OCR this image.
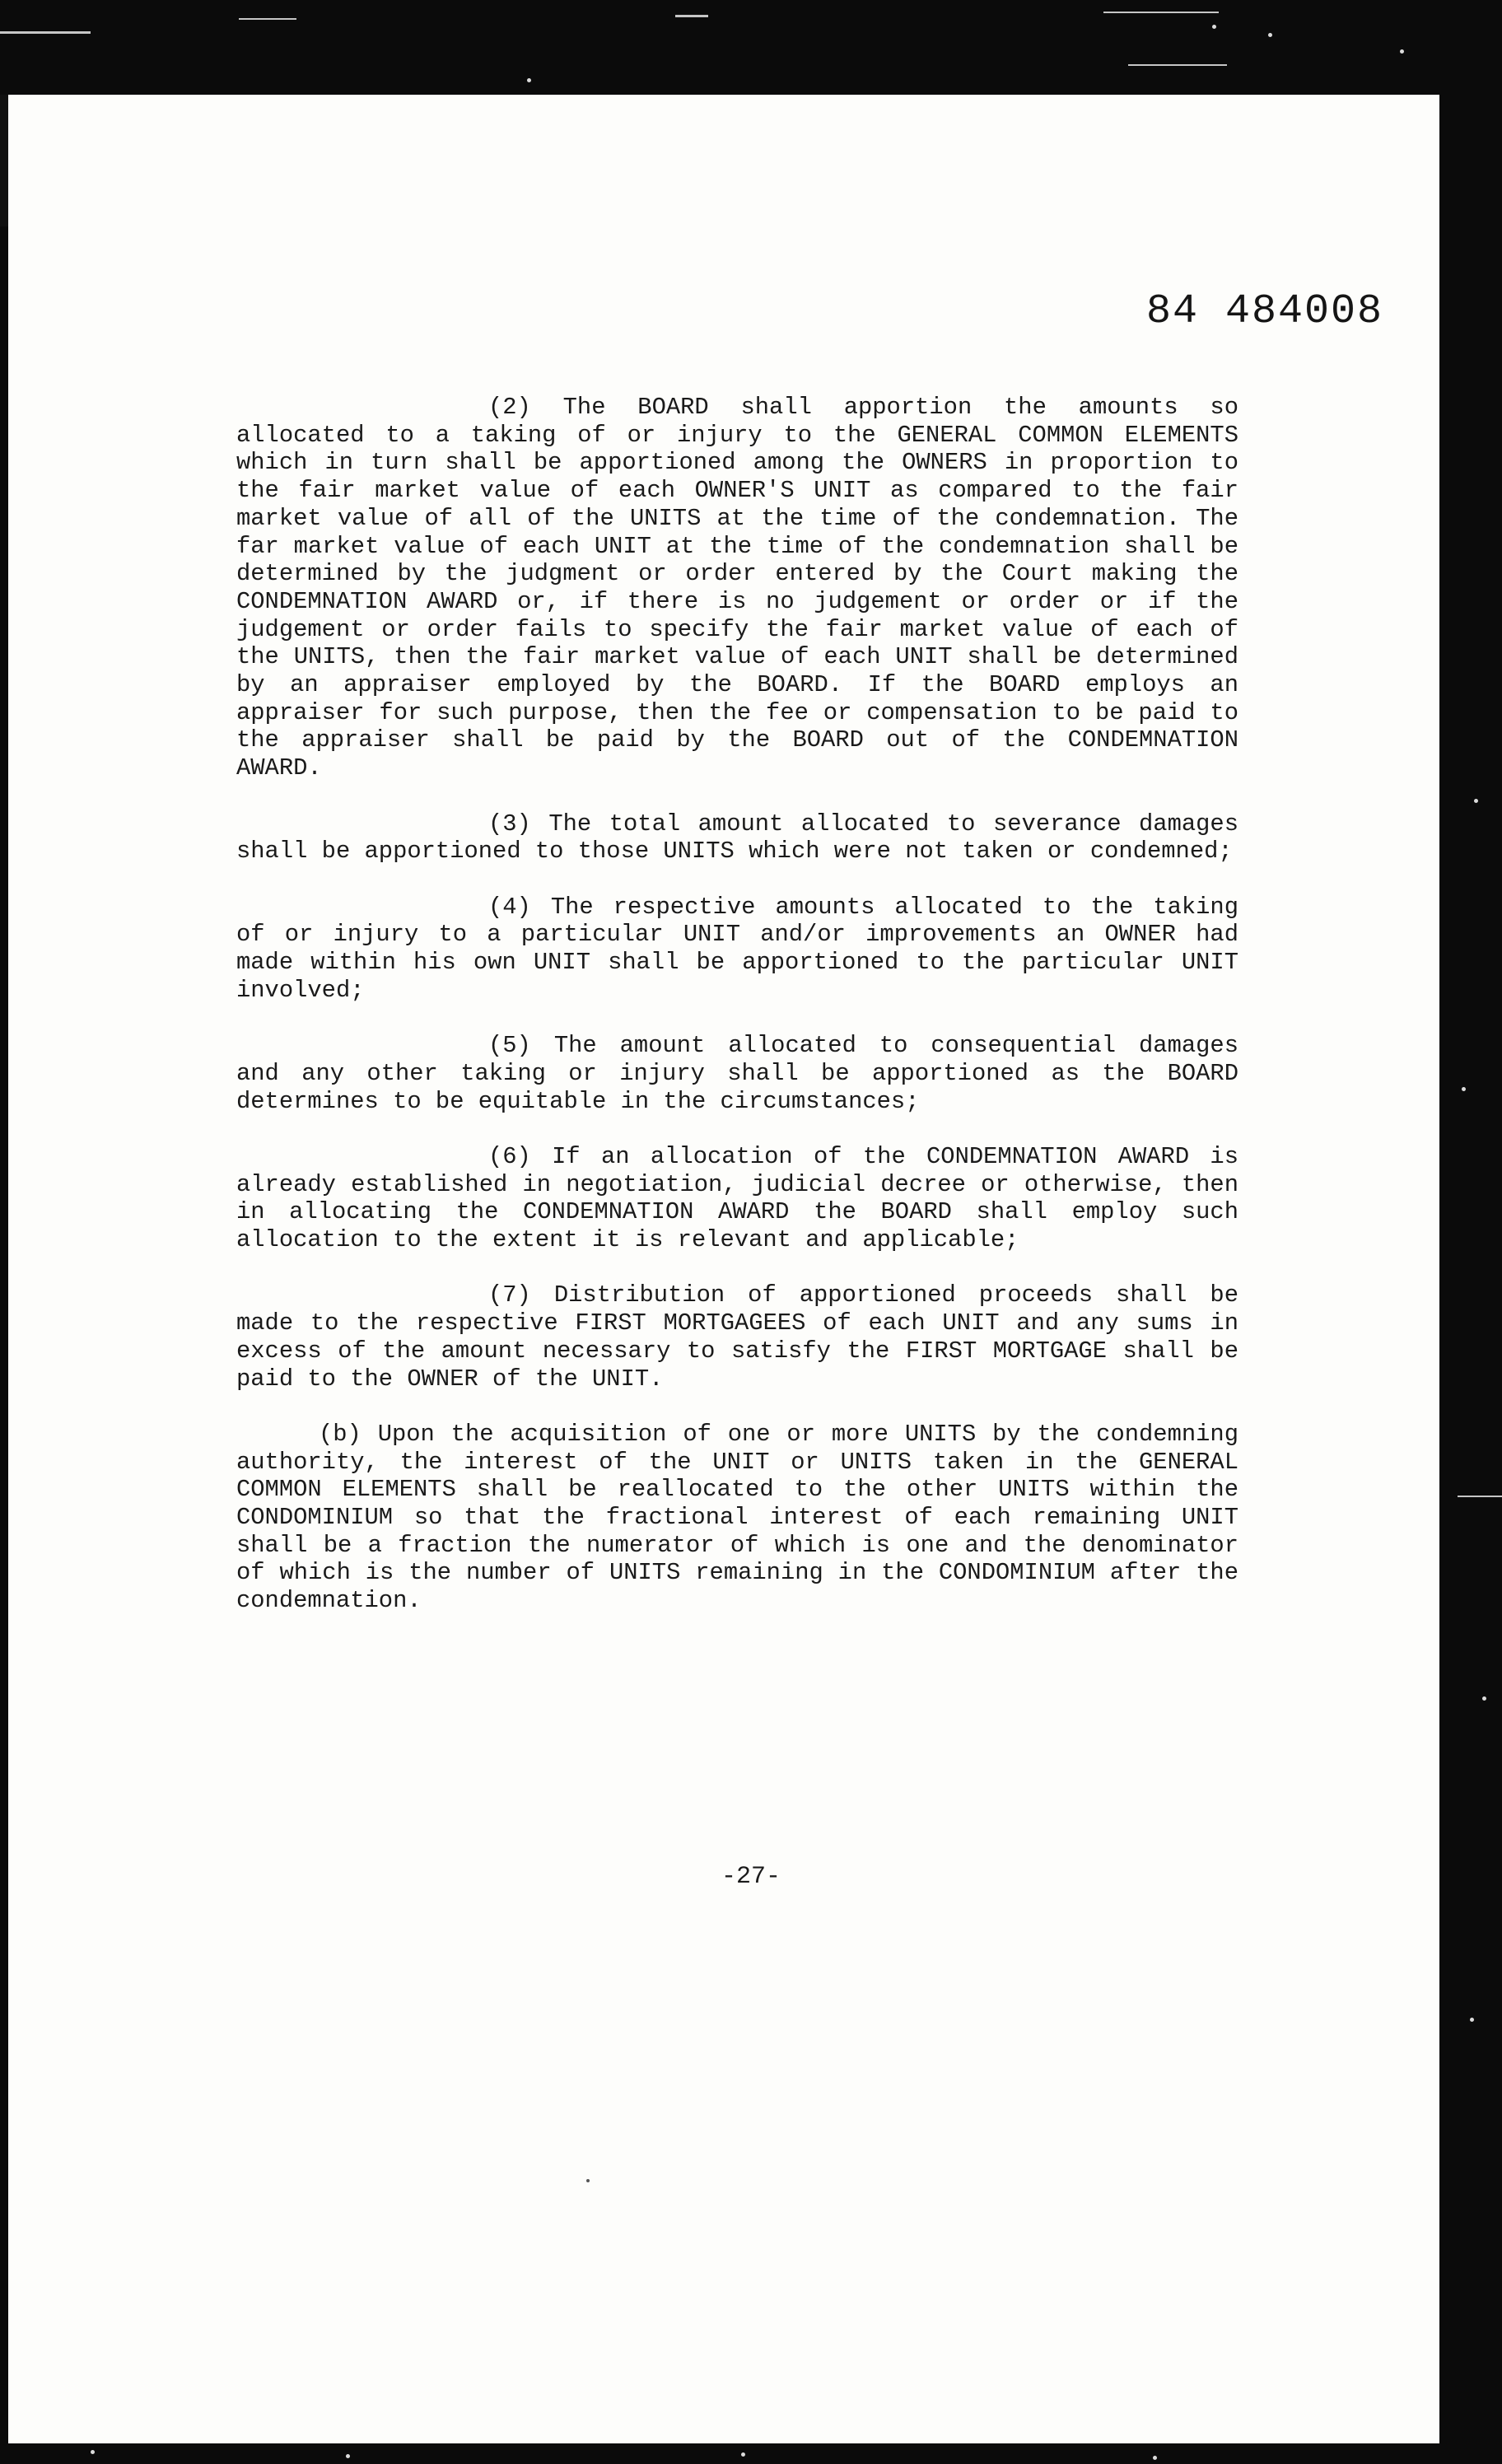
84 484008

(2) The BOARD shall apportion the amounts so allocated to a taking of or injury to the GENERAL COMMON ELEMENTS which in turn shall be apportioned among the OWNERS in proportion to the fair market value of each OWNER'S UNIT as compared to the fair market value of all of the UNITS at the time of the condemnation. The far market value of each UNIT at the time of the condemnation shall be determined by the judgment or order entered by the Court making the CONDEMNATION AWARD or, if there is no judgement or order or if the judgement or order fails to specify the fair market value of each of the UNITS, then the fair market value of each UNIT shall be determined by an appraiser employed by the BOARD. If the BOARD employs an appraiser for such purpose, then the fee or compensation to be paid to the appraiser shall be paid by the BOARD out of the CONDEMNATION AWARD.

(3) The total amount allocated to severance damages shall be apportioned to those UNITS which were not taken or condemned;

(4) The respective amounts allocated to the taking of or injury to a particular UNIT and/or improvements an OWNER had made within his own UNIT shall be apportioned to the particular UNIT involved;

(5) The amount allocated to consequential damages and any other taking or injury shall be apportioned as the BOARD determines to be equitable in the circumstances;

(6) If an allocation of the CONDEMNATION AWARD is already established in negotiation, judicial decree or otherwise, then in allocating the CONDEMNATION AWARD the BOARD shall employ such allocation to the extent it is relevant and applicable;

(7) Distribution of apportioned proceeds shall be made to the respective FIRST MORTGAGEES of each UNIT and any sums in excess of the amount necessary to satisfy the FIRST MORTGAGE shall be paid to the OWNER of the UNIT.

(b) Upon the acquisition of one or more UNITS by the condemning authority, the interest of the UNIT or UNITS taken in the GENERAL COMMON ELEMENTS shall be reallocated to the other UNITS within the CONDOMINIUM so that the fractional interest of each remaining UNIT shall be a fraction the numerator of which is one and the denominator of which is the number of UNITS remaining in the CONDOMINIUM after the condemnation.

-27-
